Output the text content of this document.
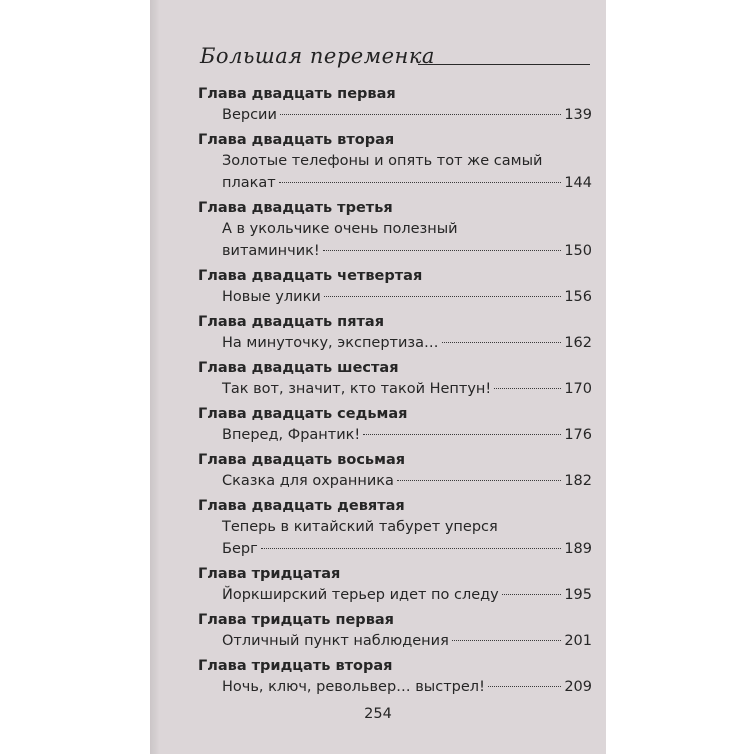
Большая переменка
Глава двадцать первая
Версии	139
Глава двадцать вторая
Золотые телефоны и опять тот же самый
плакат	144
Глава двадцать третья
А в укольчике очень полезный
витаминчик!	150
Глава двадцать четвертая
Новые улики	156
Глава двадцать пятая
На минуточку, экспертиза…	162
Глава двадцать шестая
Так вот, значит, кто такой Нептун!	170
Глава двадцать седьмая
Вперед, Франтик!	176
Глава двадцать восьмая
Сказка для охранника	182
Глава двадцать девятая
Теперь в китайский табурет уперся
Берг	189
Глава тридцатая
Йоркширский терьер идет по следу	195
Глава тридцать первая
Отличный пункт наблюдения	201
Глава тридцать вторая
Ночь, ключ, револьвер… выстрел!	209
254
